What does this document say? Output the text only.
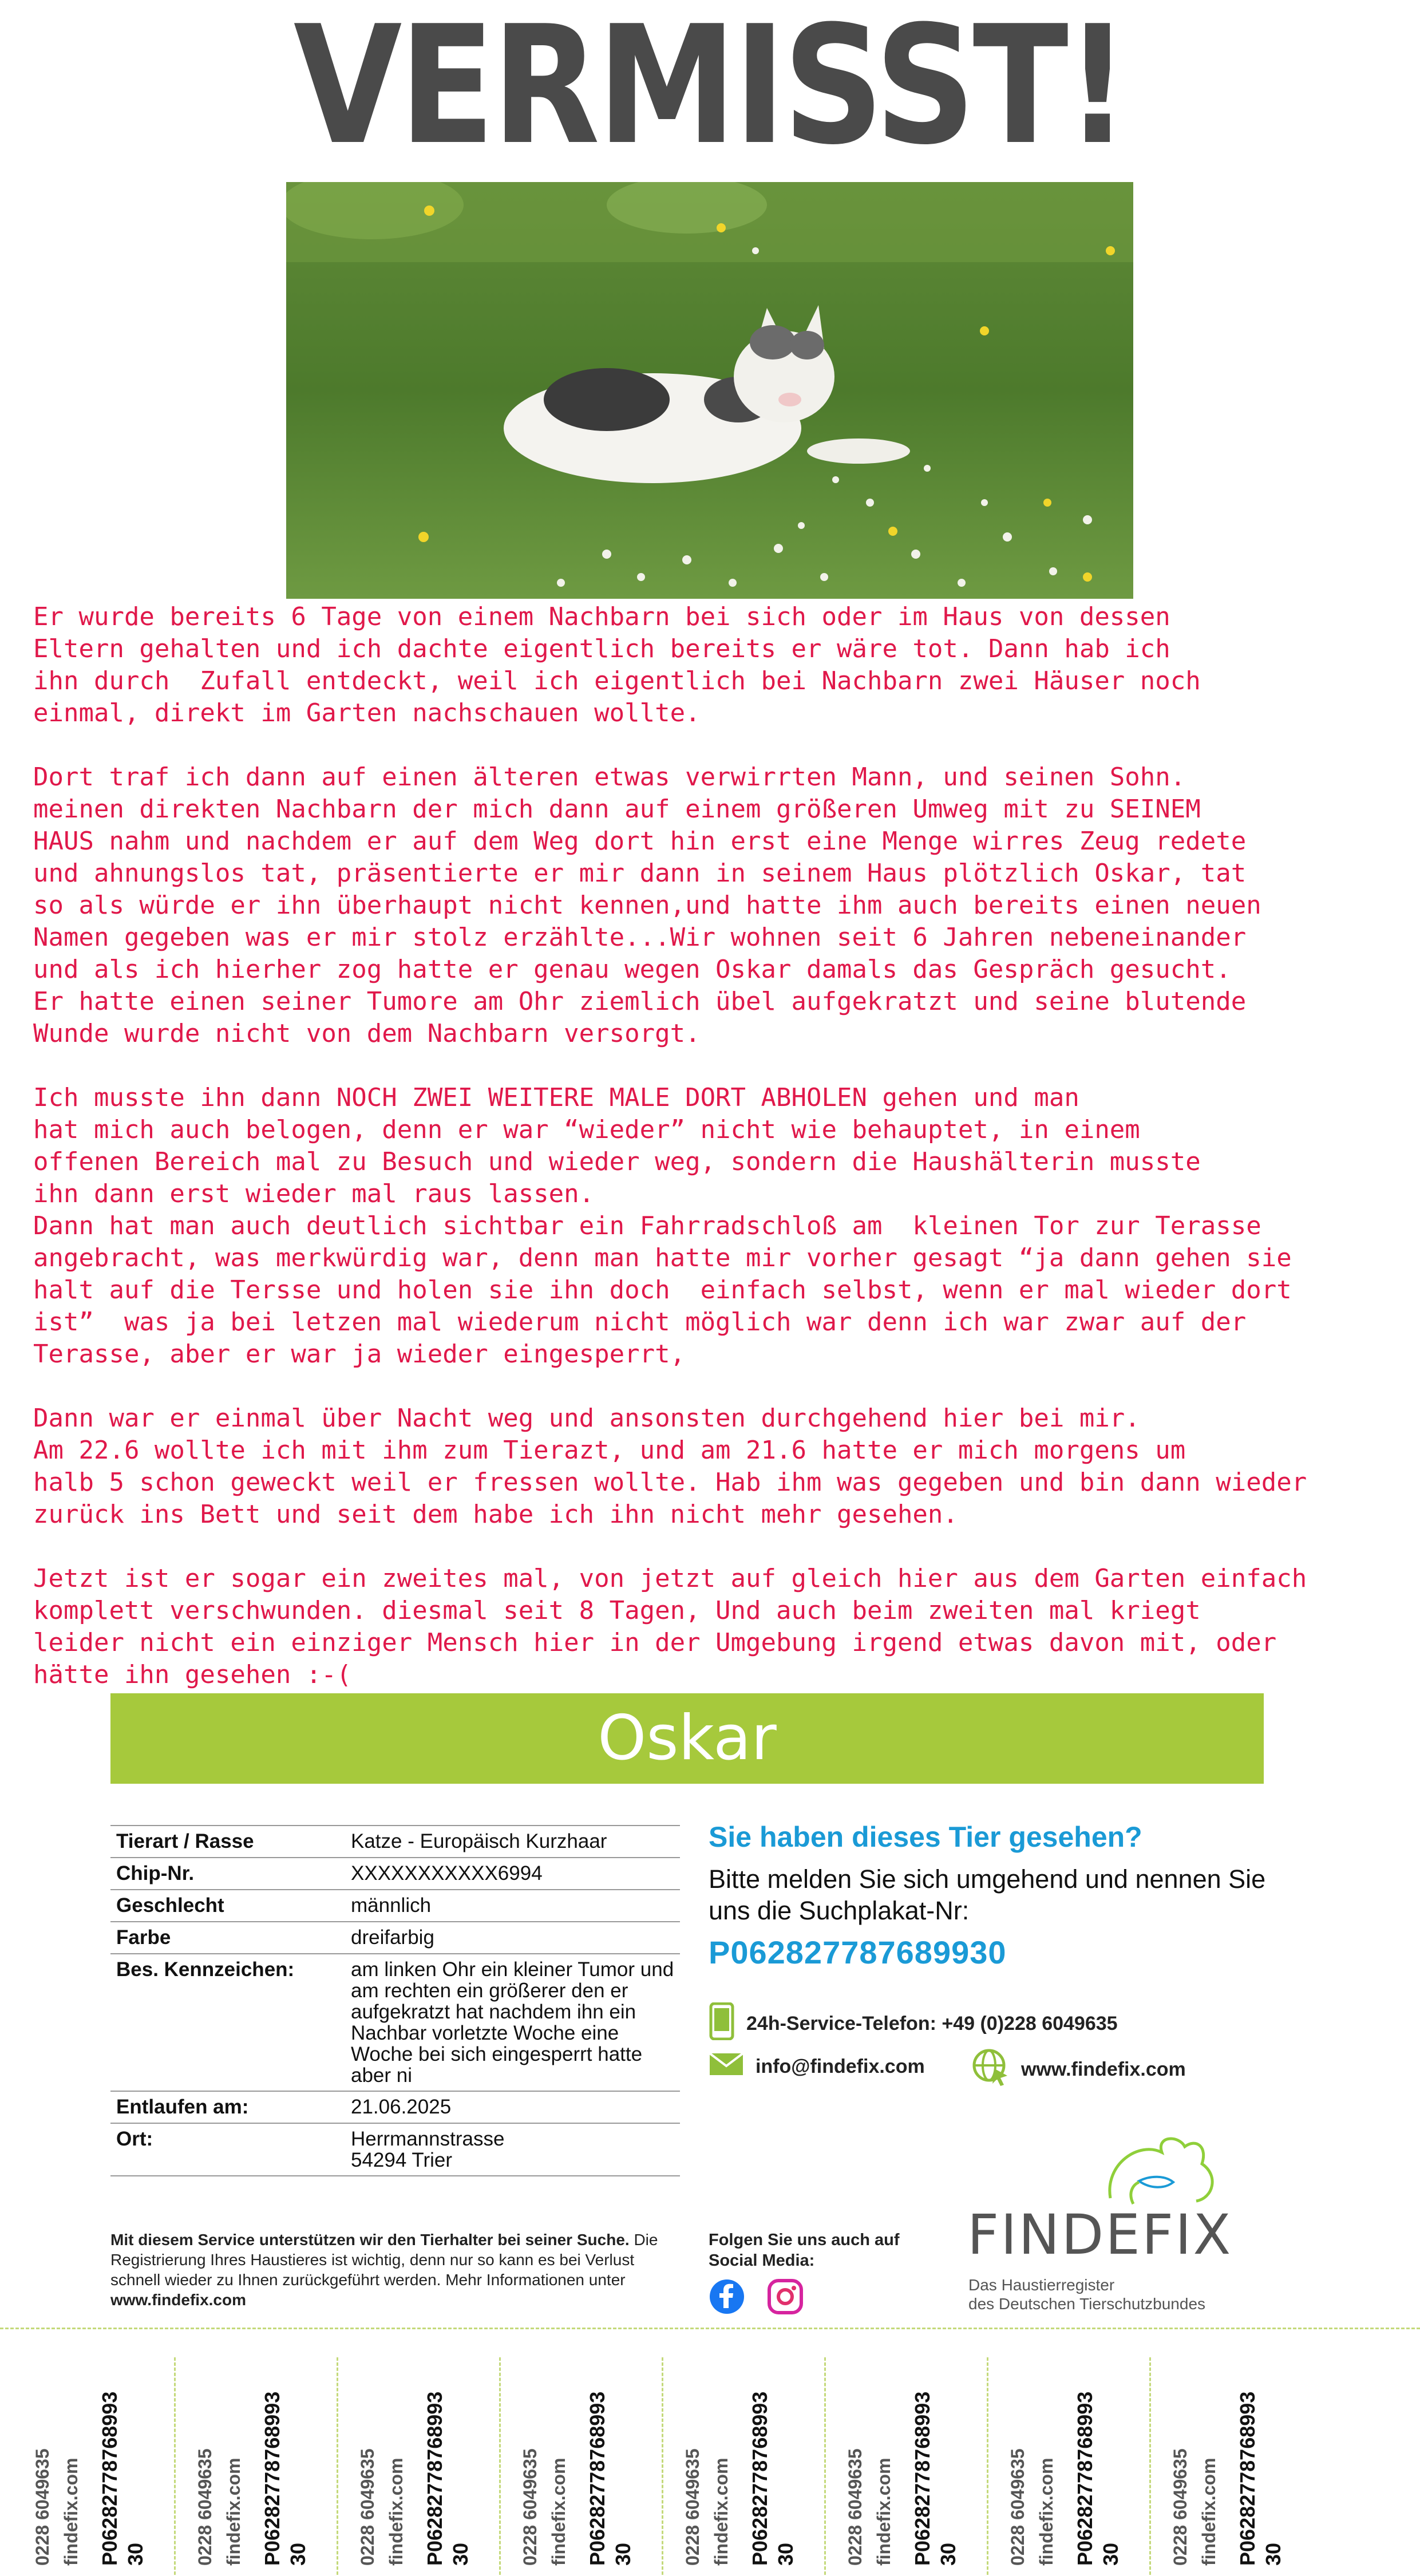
VERMISST!
Er wurde bereits 6 Tage von einem Nachbarn bei sich oder im Haus von dessen
Eltern gehalten und ich dachte eigentlich bereits er wäre tot. Dann hab ich
ihn durch  Zufall entdeckt, weil ich eigentlich bei Nachbarn zwei Häuser noch
einmal, direkt im Garten nachschauen wollte.

Dort traf ich dann auf einen älteren etwas verwirrten Mann, und seinen Sohn.
meinen direkten Nachbarn der mich dann auf einem größeren Umweg mit zu SEINEM
HAUS nahm und nachdem er auf dem Weg dort hin erst eine Menge wirres Zeug redete
und ahnungslos tat, präsentierte er mir dann in seinem Haus plötzlich Oskar, tat
so als würde er ihn überhaupt nicht kennen,und hatte ihm auch bereits einen neuen
Namen gegeben was er mir stolz erzählte...Wir wohnen seit 6 Jahren nebeneinander
und als ich hierher zog hatte er genau wegen Oskar damals das Gespräch gesucht.
Er hatte einen seiner Tumore am Ohr ziemlich übel aufgekratzt und seine blutende
Wunde wurde nicht von dem Nachbarn versorgt.

Ich musste ihn dann NOCH ZWEI WEITERE MALE DORT ABHOLEN gehen und man
hat mich auch belogen, denn er war “wieder” nicht wie behauptet, in einem
offenen Bereich mal zu Besuch und wieder weg, sondern die Haushälterin musste
ihn dann erst wieder mal raus lassen.
Dann hat man auch deutlich sichtbar ein Fahrradschloß am  kleinen Tor zur Terasse
angebracht, was merkwürdig war, denn man hatte mir vorher gesagt “ja dann gehen sie
halt auf die Tersse und holen sie ihn doch  einfach selbst, wenn er mal wieder dort
ist”  was ja bei letzen mal wiederum nicht möglich war denn ich war zwar auf der
Terasse, aber er war ja wieder eingesperrt,

Dann war er einmal über Nacht weg und ansonsten durchgehend hier bei mir.
Am 22.6 wollte ich mit ihm zum Tierazt, und am 21.6 hatte er mich morgens um
halb 5 schon geweckt weil er fressen wollte. Hab ihm was gegeben und bin dann wieder
zurück ins Bett und seit dem habe ich ihn nicht mehr gesehen.

Jetzt ist er sogar ein zweites mal, von jetzt auf gleich hier aus dem Garten einfach
komplett verschwunden. diesmal seit 8 Tagen, Und auch beim zweiten mal kriegt
leider nicht ein einziger Mensch hier in der Umgebung irgend etwas davon mit, oder
hätte ihn gesehen :-(
Oskar
Tierart / Rasse	Katze - Europäisch Kurzhaar
Chip-Nr.	XXXXXXXXXXX6994
Geschlecht	männlich
Farbe	dreifarbig
Bes. Kennzeichen:	am linken Ohr ein kleiner Tumor und am rechten ein größerer den er aufgekratzt hat nachdem ihn ein Nachbar vorletzte Woche eine Woche bei sich eingesperrt hatte aber ni
Entlaufen am:	21.06.2025
Ort:	Herrmannstrasse
54294 Trier
Mit diesem Service unterstützen wir den Tierhalter bei seiner Suche. Die Registrierung Ihres Haustieres ist wichtig, denn nur so kann es bei Verlust schnell wieder zu Ihnen zurückgeführt werden. Mehr Informationen unter www.findefix.com
Sie haben dieses Tier gesehen?
Bitte melden Sie sich umgehend und nennen Sie uns die Suchplakat-Nr:
P06282778768993​0
24h-Service-Telefon: +49 (0)228 6049635
info@findefix.com	www.findefix.com
Folgen Sie uns auch auf Social Media:	FINDEFIX
Das Haustierregister
des Deutschen Tierschutzbundes
0228 6049635 findefix.com P06282778768993 30	0228 6049635 findefix.com P06282778768993 30	0228 6049635 findefix.com P06282778768993 30	0228 6049635 findefix.com P06282778768993 30	0228 6049635 findefix.com P06282778768993 30	0228 6049635 findefix.com P06282778768993 30	0228 6049635 findefix.com P06282778768993 30	0228 6049635 findefix.com P06282778768993 30
